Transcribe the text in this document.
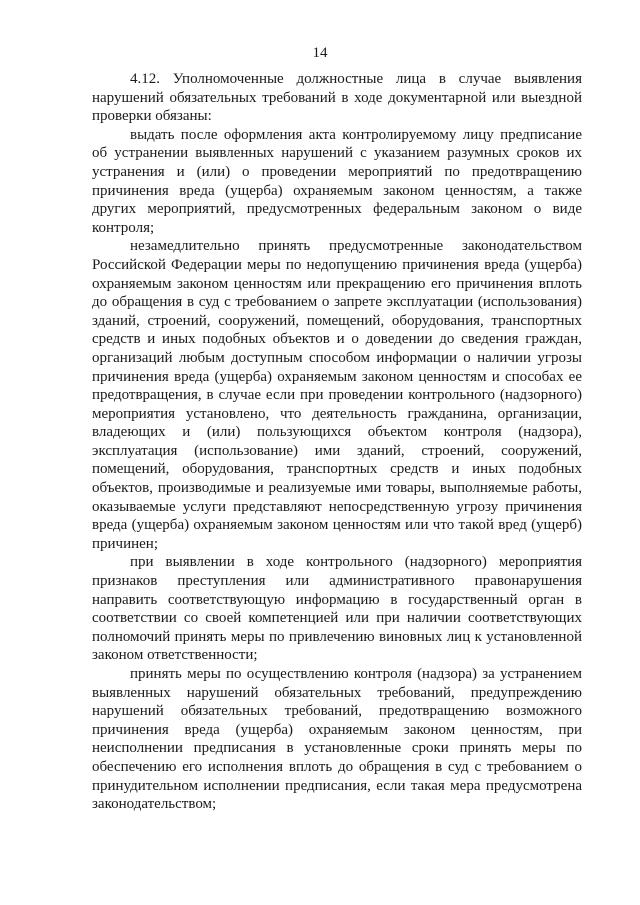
14

4.12. Уполномоченные должностные лица в случае выявления нарушений обязательных требований в ходе документарной или выездной проверки обязаны:

выдать после оформления акта контролируемому лицу предписание об устранении выявленных нарушений с указанием разумных сроков их устранения и (или) о проведении мероприятий по предотвращению причинения вреда (ущерба) охраняемым законом ценностям, а также других мероприятий, предусмотренных федеральным законом о виде контроля;

незамедлительно принять предусмотренные законодательством Российской Федерации меры по недопущению причинения вреда (ущерба) охраняемым законом ценностям или прекращению его причинения вплоть до обращения в суд с требованием о запрете эксплуатации (использования) зданий, строений, сооружений, помещений, оборудования, транспортных средств и иных подобных объектов и о доведении до сведения граждан, организаций любым доступным способом информации о наличии угрозы причинения вреда (ущерба) охраняемым законом ценностям и способах ее предотвращения, в случае если при проведении контрольного (надзорного) мероприятия установлено, что деятельность гражданина, организации, владеющих и (или) пользующихся объектом контроля (надзора), эксплуатация (использование) ими зданий, строений, сооружений, помещений, оборудования, транспортных средств и иных подобных объектов, производимые и реализуемые ими товары, выполняемые работы, оказываемые услуги представляют непосредственную угрозу причинения вреда (ущерба) охраняемым законом ценностям или что такой вред (ущерб) причинен;

при выявлении в ходе контрольного (надзорного) мероприятия признаков преступления или административного правонарушения направить соответствующую информацию в государственный орган в соответствии со своей компетенцией или при наличии соответствующих полномочий принять меры по привлечению виновных лиц к установленной законом ответственности;

принять меры по осуществлению контроля (надзора) за устранением выявленных нарушений обязательных требований, предупреждению нарушений обязательных требований, предотвращению возможного причинения вреда (ущерба) охраняемым законом ценностям, при неисполнении предписания в установленные сроки принять меры по обеспечению его исполнения вплоть до обращения в суд с требованием о принудительном исполнении предписания, если такая мера предусмотрена законодательством;
